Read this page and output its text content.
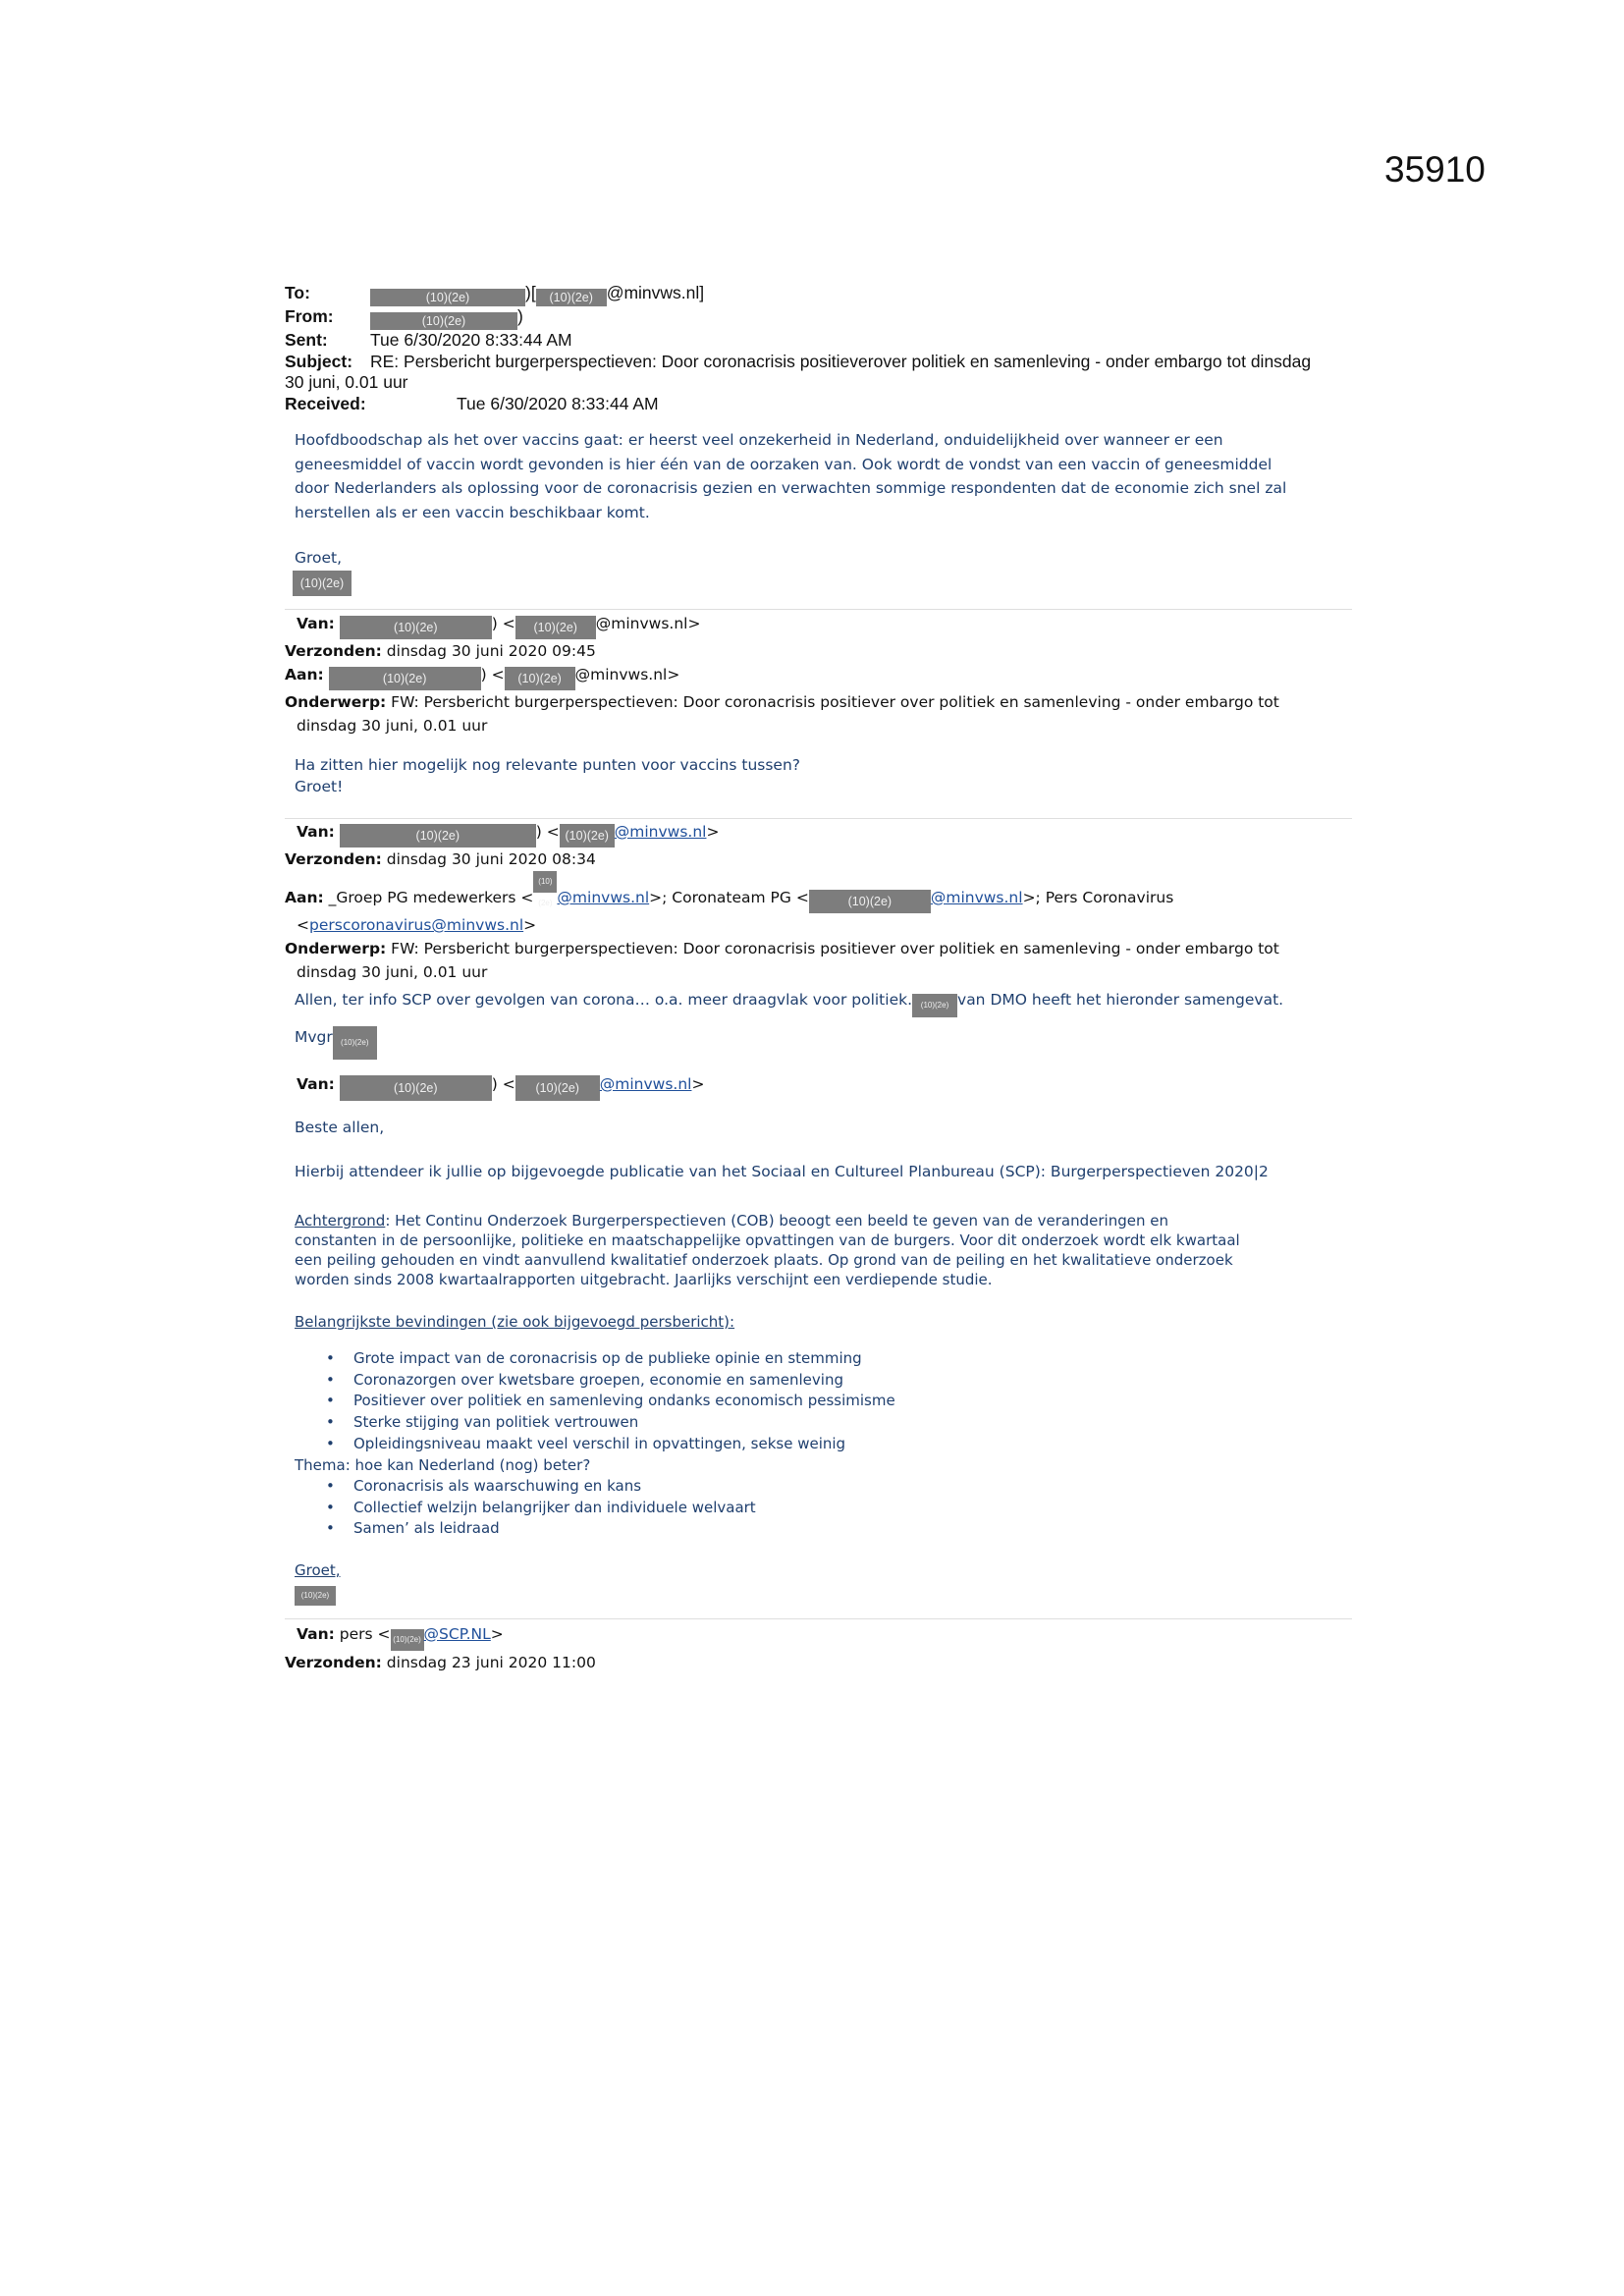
35910
To:	(10)(2e)	)[ (10)(2e) @minvws.nl]
From:	(10)(2e)	)
Sent: Tue 6/30/2020 8:33:44 AM
Subject: RE: Persbericht burgerperspectieven: Door coronacrisis positieverover politiek en samenleving - onder embargo tot dinsdag
30 juni, 0.01 uur
Received:	Tue 6/30/2020 8:33:44 AM
Hoofdboodschap als het over vaccins gaat: er heerst veel onzekerheid in Nederland, onduidelijkheid over wanneer er een
geneesmiddel of vaccin wordt gevonden is hier één van de oorzaken van. Ook wordt de vondst van een vaccin of geneesmiddel
door Nederlanders als oplossing voor de coronacrisis gezien en verwachten sommige respondenten dat de economie zich snel zal
herstellen als er een vaccin beschikbaar komt.
Groet,
(10)(2e)
Van:	(10)(2e)	) < (10)(2e) @minvws.nl>
Verzonden: dinsdag 30 juni 2020 09:45
Aan:	(10)(2e)	) < (10)(2e) @minvws.nl>
Onderwerp: FW: Persbericht burgerperspectieven: Door coronacrisis positiever over politiek en samenleving - onder embargo tot
dinsdag 30 juni, 0.01 uur
Ha zitten hier mogelijk nog relevante punten voor vaccins tussen?
Groet!
Van:	(10)(2e)	) < (10)(2e) @minvws.nl>
Verzonden: dinsdag 30 juni 2020 08:34
Aan: _Groep PG medewerkers <(10)(2e) @minvws.nl>; Coronateam PG <	(10)(2e)	@minvws.nl>; Pers Coronavirus
<perscoronavirus@minvws.nl>
Onderwerp: FW: Persbericht burgerperspectieven: Door coronacrisis positiever over politiek en samenleving - onder embargo tot
dinsdag 30 juni, 0.01 uur
Allen, ter info SCP over gevolgen van corona… o.a. meer draagvlak voor politiek. (10)(2e) van DMO heeft het hieronder samengevat.
Mvgr (10)(2e)
Van:	(10)(2e)	) < (10)(2e) @minvws.nl>
Beste allen,
Hierbij attendeer ik jullie op bijgevoegde publicatie van het Sociaal en Cultureel Planbureau (SCP): Burgerperspectieven 2020|2
Achtergrond: Het Continu Onderzoek Burgerperspectieven (COB) beoogt een beeld te geven van de veranderingen en
constanten in de persoonlijke, politieke en maatschappelijke opvattingen van de burgers. Voor dit onderzoek wordt elk kwartaal
een peiling gehouden en vindt aanvullend kwalitatief onderzoek plaats. Op grond van de peiling en het kwalitatieve onderzoek
worden sinds 2008 kwartaalrapporten uitgebracht. Jaarlijks verschijnt een verdiepende studie.
Belangrijkste bevindingen (zie ook bijgevoegd persbericht):
• Grote impact van de coronacrisis op de publieke opinie en stemming
• Coronazorgen over kwetsbare groepen, economie en samenleving
• Positiever over politiek en samenleving ondanks economisch pessimisme
• Sterke stijging van politiek vertrouwen
• Opleidingsniveau maakt veel verschil in opvattingen, sekse weinig
Thema: hoe kan Nederland (nog) beter?
• Coronacrisis als waarschuwing en kans
• Collectief welzijn belangrijker dan individuele welvaart
• Samen’ als leidraad
Groet,
(10)(2e)
Van: pers < (10)(2e) @SCP.NL>
Verzonden: dinsdag 23 juni 2020 11:00
